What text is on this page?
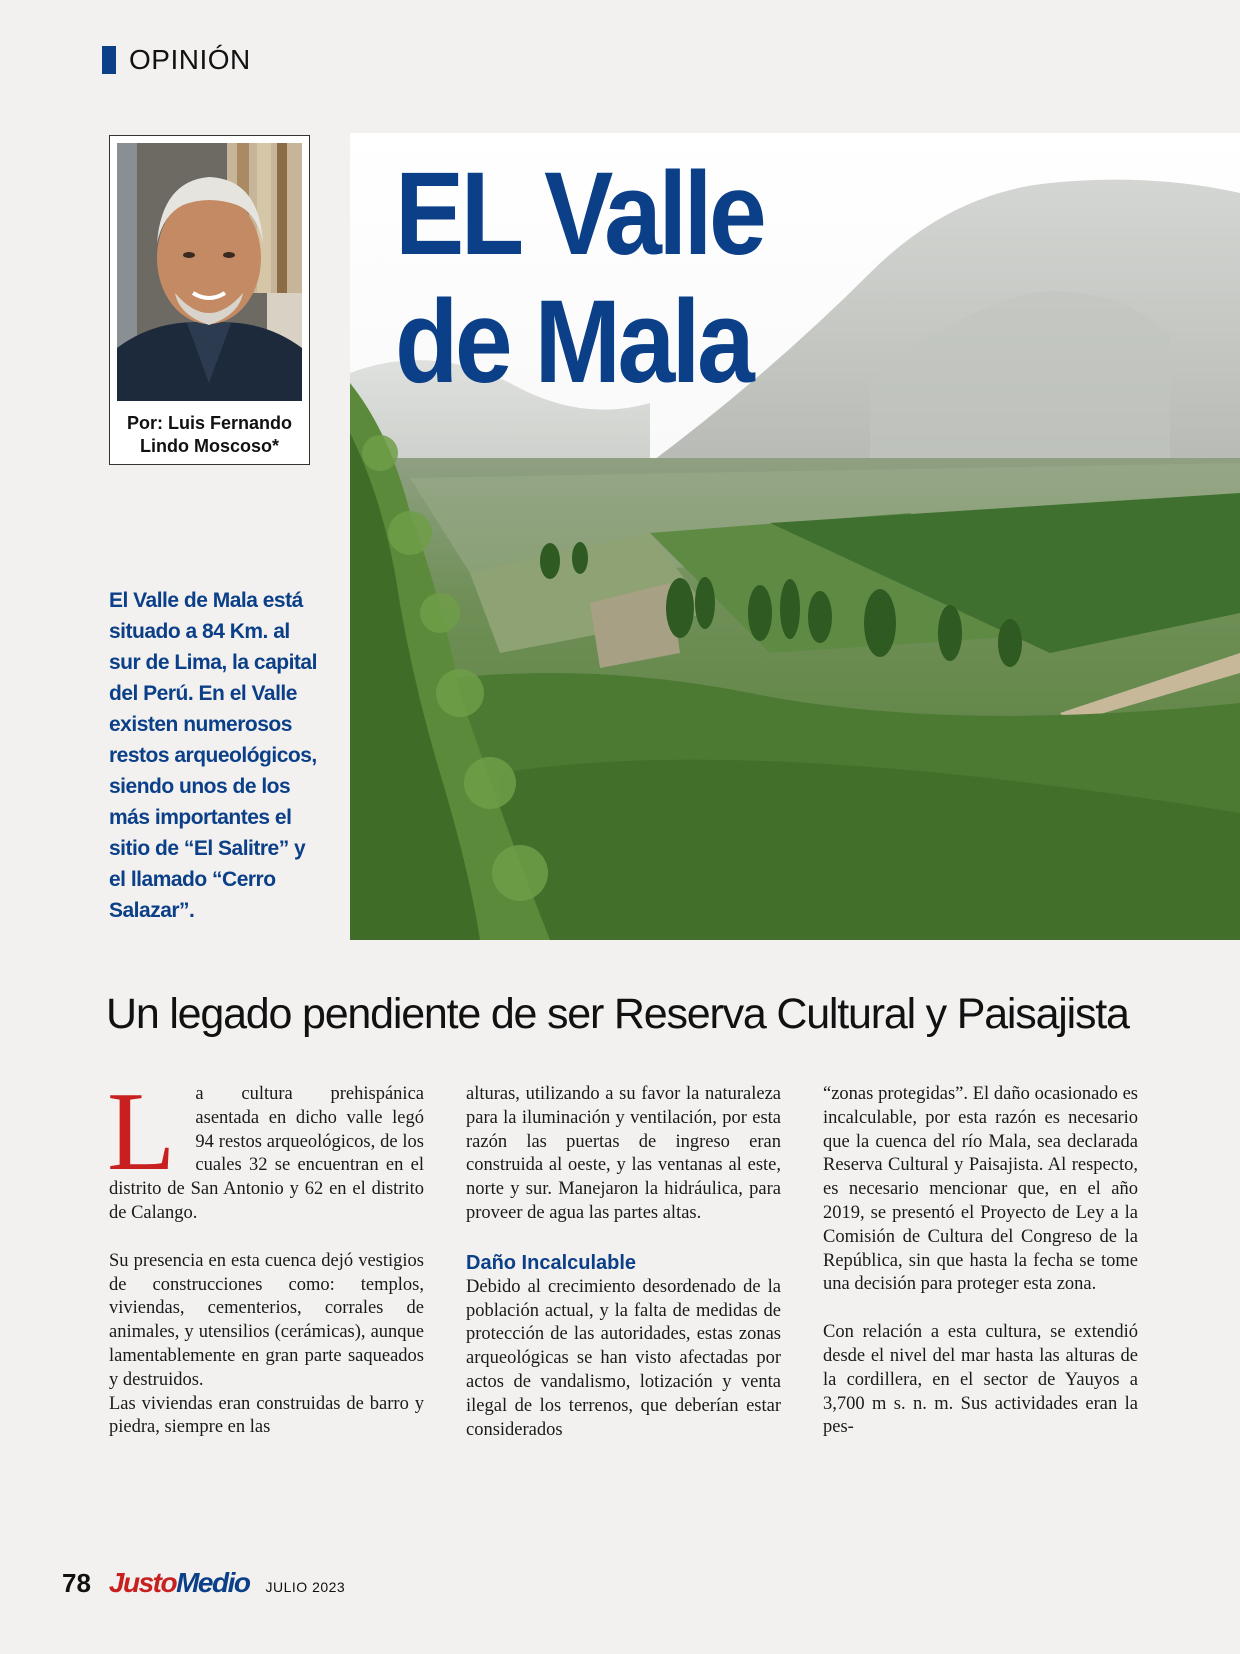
OPINIÓN
Por: Luis Fernando
Lindo Moscoso*
EL Valle
de Mala

El Valle de Mala está situado a 84 Km. al sur de Lima, la capital del Perú. En el Valle existen numerosos restos arqueológicos, siendo unos de los más importantes el sitio de “El Salitre” y el llamado “Cerro Salazar”.

Un legado pendiente de ser Reserva Cultural y Paisajista

L a cultura prehispánica asentada en dicho valle legó 94 restos arqueológicos, de los cuales 32 se encuentran en el distrito de San Antonio y 62 en el distrito de Calango.

Su presencia en esta cuenca dejó vestigios de construcciones como: templos, viviendas, cementerios, corrales de animales, y utensilios (cerámicas), aunque lamentablemente en gran parte saqueados y destruidos.

Las viviendas eran construidas de barro y piedra, siempre en las

alturas, utilizando a su favor la naturaleza para la iluminación y ventilación, por esta razón las puertas de ingreso eran construida al oeste, y las ventanas al este, norte y sur. Manejaron la hidráulica, para proveer de agua las partes altas.

Daño Incalculable

Debido al crecimiento desordenado de la población actual, y la falta de medidas de protección de las autoridades, estas zonas arqueológicas se han visto afectadas por actos de vandalismo, lotización y venta ilegal de los terrenos, que deberían estar considerados

“zonas protegidas”. El daño ocasionado es incalculable, por esta razón es necesario que la cuenca del río Mala, sea declarada Reserva Cultural y Paisajista. Al respecto, es necesario mencionar que, en el año 2019, se presentó el Proyecto de Ley a la Comisión de Cultura del Congreso de la República, sin que hasta la fecha se tome una decisión para proteger esta zona.

Con relación a esta cultura, se extendió desde el nivel del mar hasta las alturas de la cordillera, en el sector de Yauyos a 3,700 m s. n. m. Sus actividades eran la pes-

78 Justo Medio JULIO 2023
